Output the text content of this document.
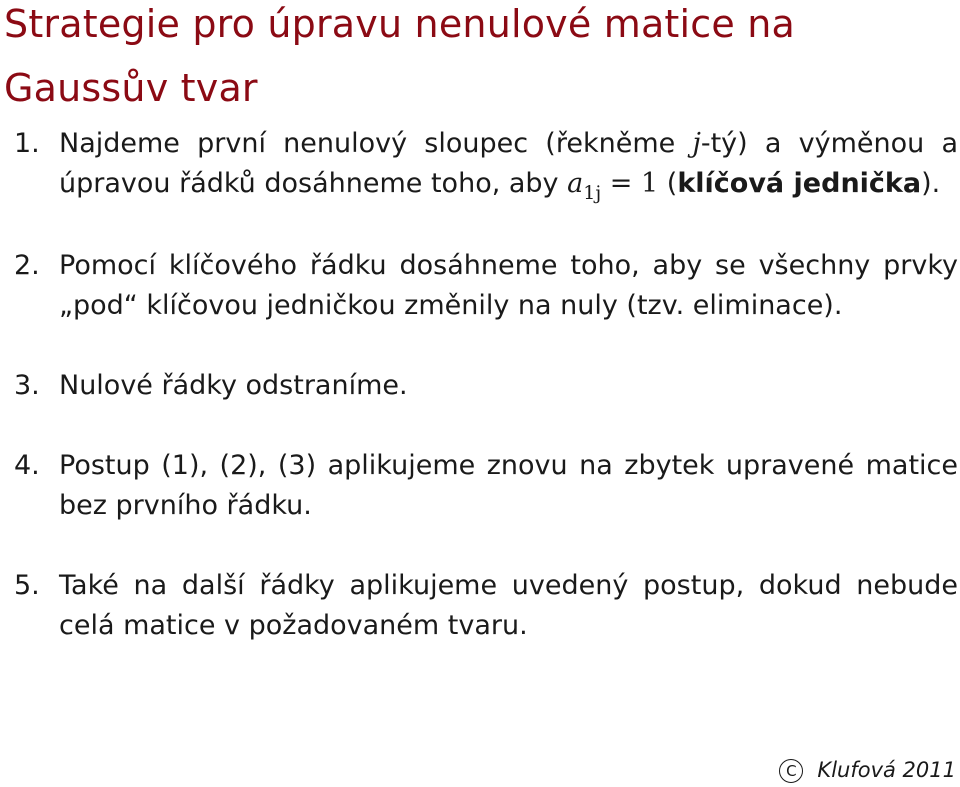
Strategie pro úpravu nenulové matice na Gaussův tvar
1. Najdeme první nenulový sloupec (řekněme j-tý) a výměnou a úpravou řádků dosáhneme toho, aby $a_{1j} = 1$ (klíčová jednička).
2. Pomocí klíčového řádku dosáhneme toho, aby se všechny prvky „pod“ klíčovou jedničkou změnily na nuly (tzv. eliminace).
3. Nulové řádky odstraníme.
4. Postup (1), (2), (3) aplikujeme znovu na zbytek upravené matice bez prvního řádku.
5. Také na další řádky aplikujeme uvedený postup, dokud nebude celá matice v požadovaném tvaru.
C Klufová 2011
